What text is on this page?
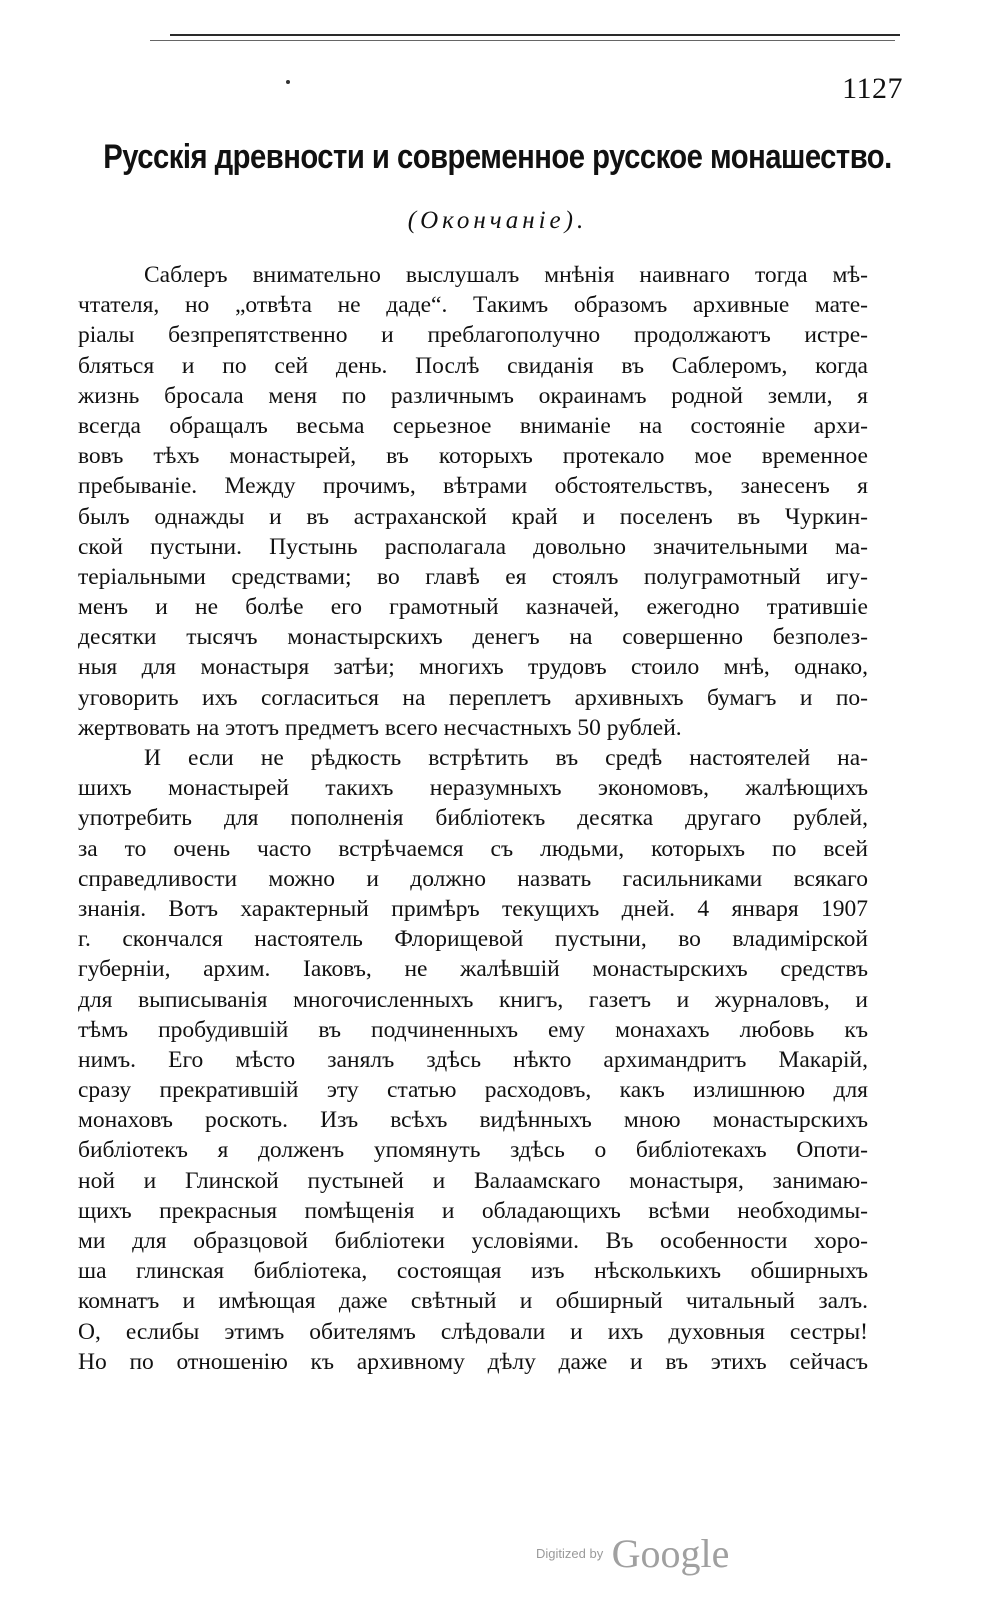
1127
Русскія древности и современное русское монашество.
(Окончаніе).
Саблеръ внимательно выслушалъ мнѣнія наивнаго тогда мѣ-
чтателя, но „отвѣта не даде“. Такимъ образомъ архивные мате-
ріалы безпрепятственно и преблагополучно продолжаютъ истре-
бляться и по сей день. Послѣ свиданія въ Саблеромъ, когда
жизнь бросала меня по различнымъ окраинамъ родной земли, я
всегда обращалъ весьма серьезное вниманіе на состояніе архи-
вовъ тѣхъ монастырей, въ которыхъ протекало мое временное
пребываніе. Между прочимъ, вѣтрами обстоятельствъ, занесенъ я
былъ однажды и въ астраханской край и поселенъ въ Чуркин-
ской пустыни. Пустынь располагала довольно значительными ма-
теріальными средствами; во главѣ ея стоялъ полуграмотный игу-
менъ и не болѣе его грамотный казначей, ежегодно тратившіе
десятки тысячъ монастырскихъ денегъ на совершенно безполез-
ныя для монастыря затѣи; многихъ трудовъ стоило мнѣ, однако,
уговорить ихъ согласиться на переплетъ архивныхъ бумагъ и по-
жертвовать на этотъ предметъ всего несчастныхъ 50 рублей.
И если не рѣдкость встрѣтить въ средѣ настоятелей на-
шихъ монастырей такихъ неразумныхъ экономовъ, жалѣющихъ
употребить для пополненія библіотекъ десятка другаго рублей,
за то очень часто встрѣчаемся съ людьми, которыхъ по всей
справедливости можно и должно назвать гасильниками всякаго
знанія. Вотъ характерный примѣръ текущихъ дней. 4 января 1907
г. скончался настоятель Флорищевой пустыни, во владимірской
губерніи, архим. Іаковъ, не жалѣвшій монастырскихъ средствъ
для выписыванія многочисленныхъ книгъ, газетъ и журналовъ, и
тѣмъ пробудившій въ подчиненныхъ ему монахахъ любовь къ
нимъ. Его мѣсто занялъ здѣсь нѣкто архимандритъ Макарій,
сразу прекратившій эту статью расходовъ, какъ излишнюю для
монаховъ роскоть. Изъ всѣхъ видѣнныхъ мною монастырскихъ
библіотекъ я долженъ упомянуть здѣсь о библіотекахъ Опоти-
ной и Глинской пустыней и Валаамскаго монастыря, занимаю-
щихъ прекрасныя помѣщенія и обладающихъ всѣми необходимы-
ми для образцовой библіотеки условіями. Въ особенности хоро-
ша глинская библіотека, состоящая изъ нѣсколькихъ обширныхъ
комнатъ и имѣющая даже свѣтный и обширный читальный залъ.
О, еслибы этимъ обителямъ слѣдовали и ихъ духовныя сестры!
Но по отношенію къ архивному дѣлу даже и въ этихъ сейчасъ
Digitized by Google
